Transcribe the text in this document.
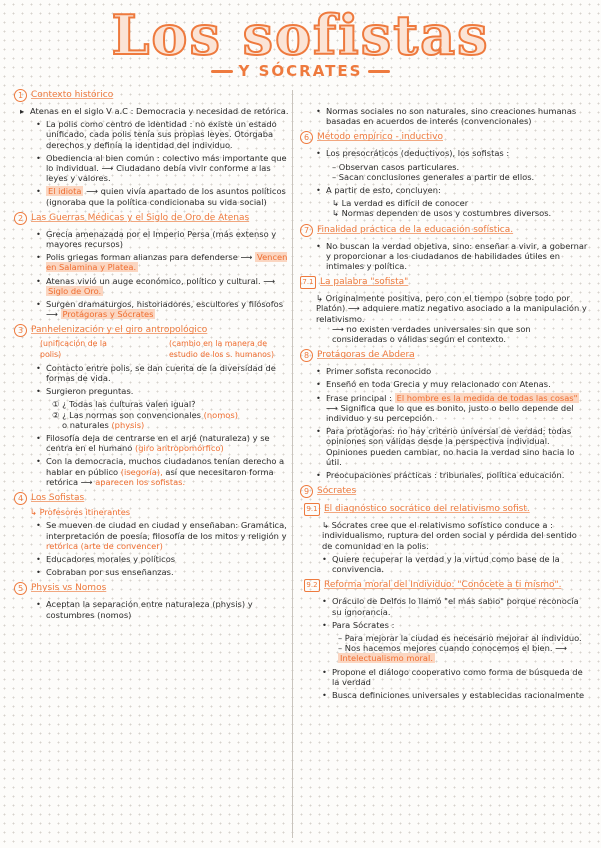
Los sofistas
Y SÓCRATES
1 Contexto histórico
▸ Atenas en el siglo V a.C : Democracia y necesidad de retórica.
• La polis como centro de identidad : no existe un estado unificado, cada polis tenía sus propias leyes. Otorgaba derechos y definía la identidad del individuo.
• Obediencia al bien común : colectivo más importante que lo individual. ⟶ Ciudadano debía vivir conforme a las leyes y valores.
• El idiota ⟶ quien vivía apartado de los asuntos políticos (ignoraba que la política condicionaba su vida social)
2 Las Guerras Médicas y el Siglo de Oro de Atenas
• Grecia amenazada por el Imperio Persa (más extenso y mayores recursos)
• Polis griegas forman alianzas para defenderse ⟶ Vencen en Salamina y Platea.
• Atenas vivió un auge económico, político y cultural. ⟶ Siglo de Oro.
• Surgen dramaturgos, historiadores, escultores y filósofos ⟶ Protágoras y Sócrates
3 Panhelenización y el giro antropológico
(unificación de la polis)
(cambio en la manera de estudio de los s. humanos)
• Contacto entre polis, se dan cuenta de la diversidad de formas de vida.
• Surgieron preguntas.
① ¿ Todas las culturas valen igual?
② ¿ Las normas son convencionales (nomos)
o naturales (physis)
• Filosofía deja de centrarse en el arjé (naturaleza) y se centra en el humano (giro antropomórfico)
• Con la democracia, muchos ciudadanos tenían derecho a hablar en público (isegoría), así que necesitaron forma retórica ⟶ aparecen los sofistas.
4 Los Sofistas
↳ Profesores itinerantes
• Se mueven de ciudad en ciudad y enseñaban: Gramática, interpretación de poesía, filosofía de los mitos y religión y retórica (arte de convencer)
• Educadores morales y políticos
• Cobraban por sus enseñanzas.
5 Physis vs Nomos
• Aceptan la separación entre naturaleza (physis) y costumbres (nomos)
• Normas sociales no son naturales, sino creaciones humanas basadas en acuerdos de interés (convencionales)
6 Método empírico - inductivo
• Los presocráticos (deductivos), los sofistas :
– Observan casos particulares.
– Sacan conclusiones generales a partir de ellos.
• A partir de esto, concluyen:
↳ La verdad es difícil de conocer
↳ Normas dependen de usos y costumbres diversos.
7 Finalidad práctica de la educación sofística.
• No buscan la verdad objetiva, sino: enseñar a vivir, a gobernar y proporcionar a los ciudadanos de habilidades útiles en intimales y política.
7.1 La palabra "sofista"
↳ Originalmente positiva, pero con el tiempo (sobre todo por Platón) ⟶ adquiere matiz negativo asociado a la manipulación y relativismo.
⟶ no existen verdades universales sin que son consideradas o válidas según el contexto.
8 Protágoras de Abdera
• Primer sofista reconocido
• Enseñó en toda Grecia y muy relacionado con Atenas.
• Frase principal : El hombre es la medida de todas las cosas" ⟶ Significa que lo que es bonito, justo o bello depende del individuo y su percepción.
• Para protágoras: no hay criterio universal de verdad; todas opiniones son válidas desde la perspectiva individual. Opiniones pueden cambiar, no hacia la verdad sino hacia lo útil.
• Preocupaciones prácticas : tribunales, política educación.
9 Sócrates
9.1 El diagnóstico socrático del relativismo sofist.
↳ Sócrates cree que el relativismo sofístico conduce a : individualismo, ruptura del orden social y pérdida del sentido de comunidad en la polis.
• Quiere recuperar la verdad y la virtud como base de la convivencia.
9.2 Reforma moral del Individuo: "Conócete a ti mismo".
• Oráculo de Delfos lo llamó "el más sabio" porque reconocía su ignorancia.
• Para Sócrates :
– Para mejorar la ciudad es necesario mejorar al individuo.
– Nos hacemos mejores cuando conocemos el bien. ⟶ Intelectualismo moral.
• Propone el diálogo cooperativo como forma de búsqueda de la verdad
• Busca definiciones universales y establecidas racionalmente
